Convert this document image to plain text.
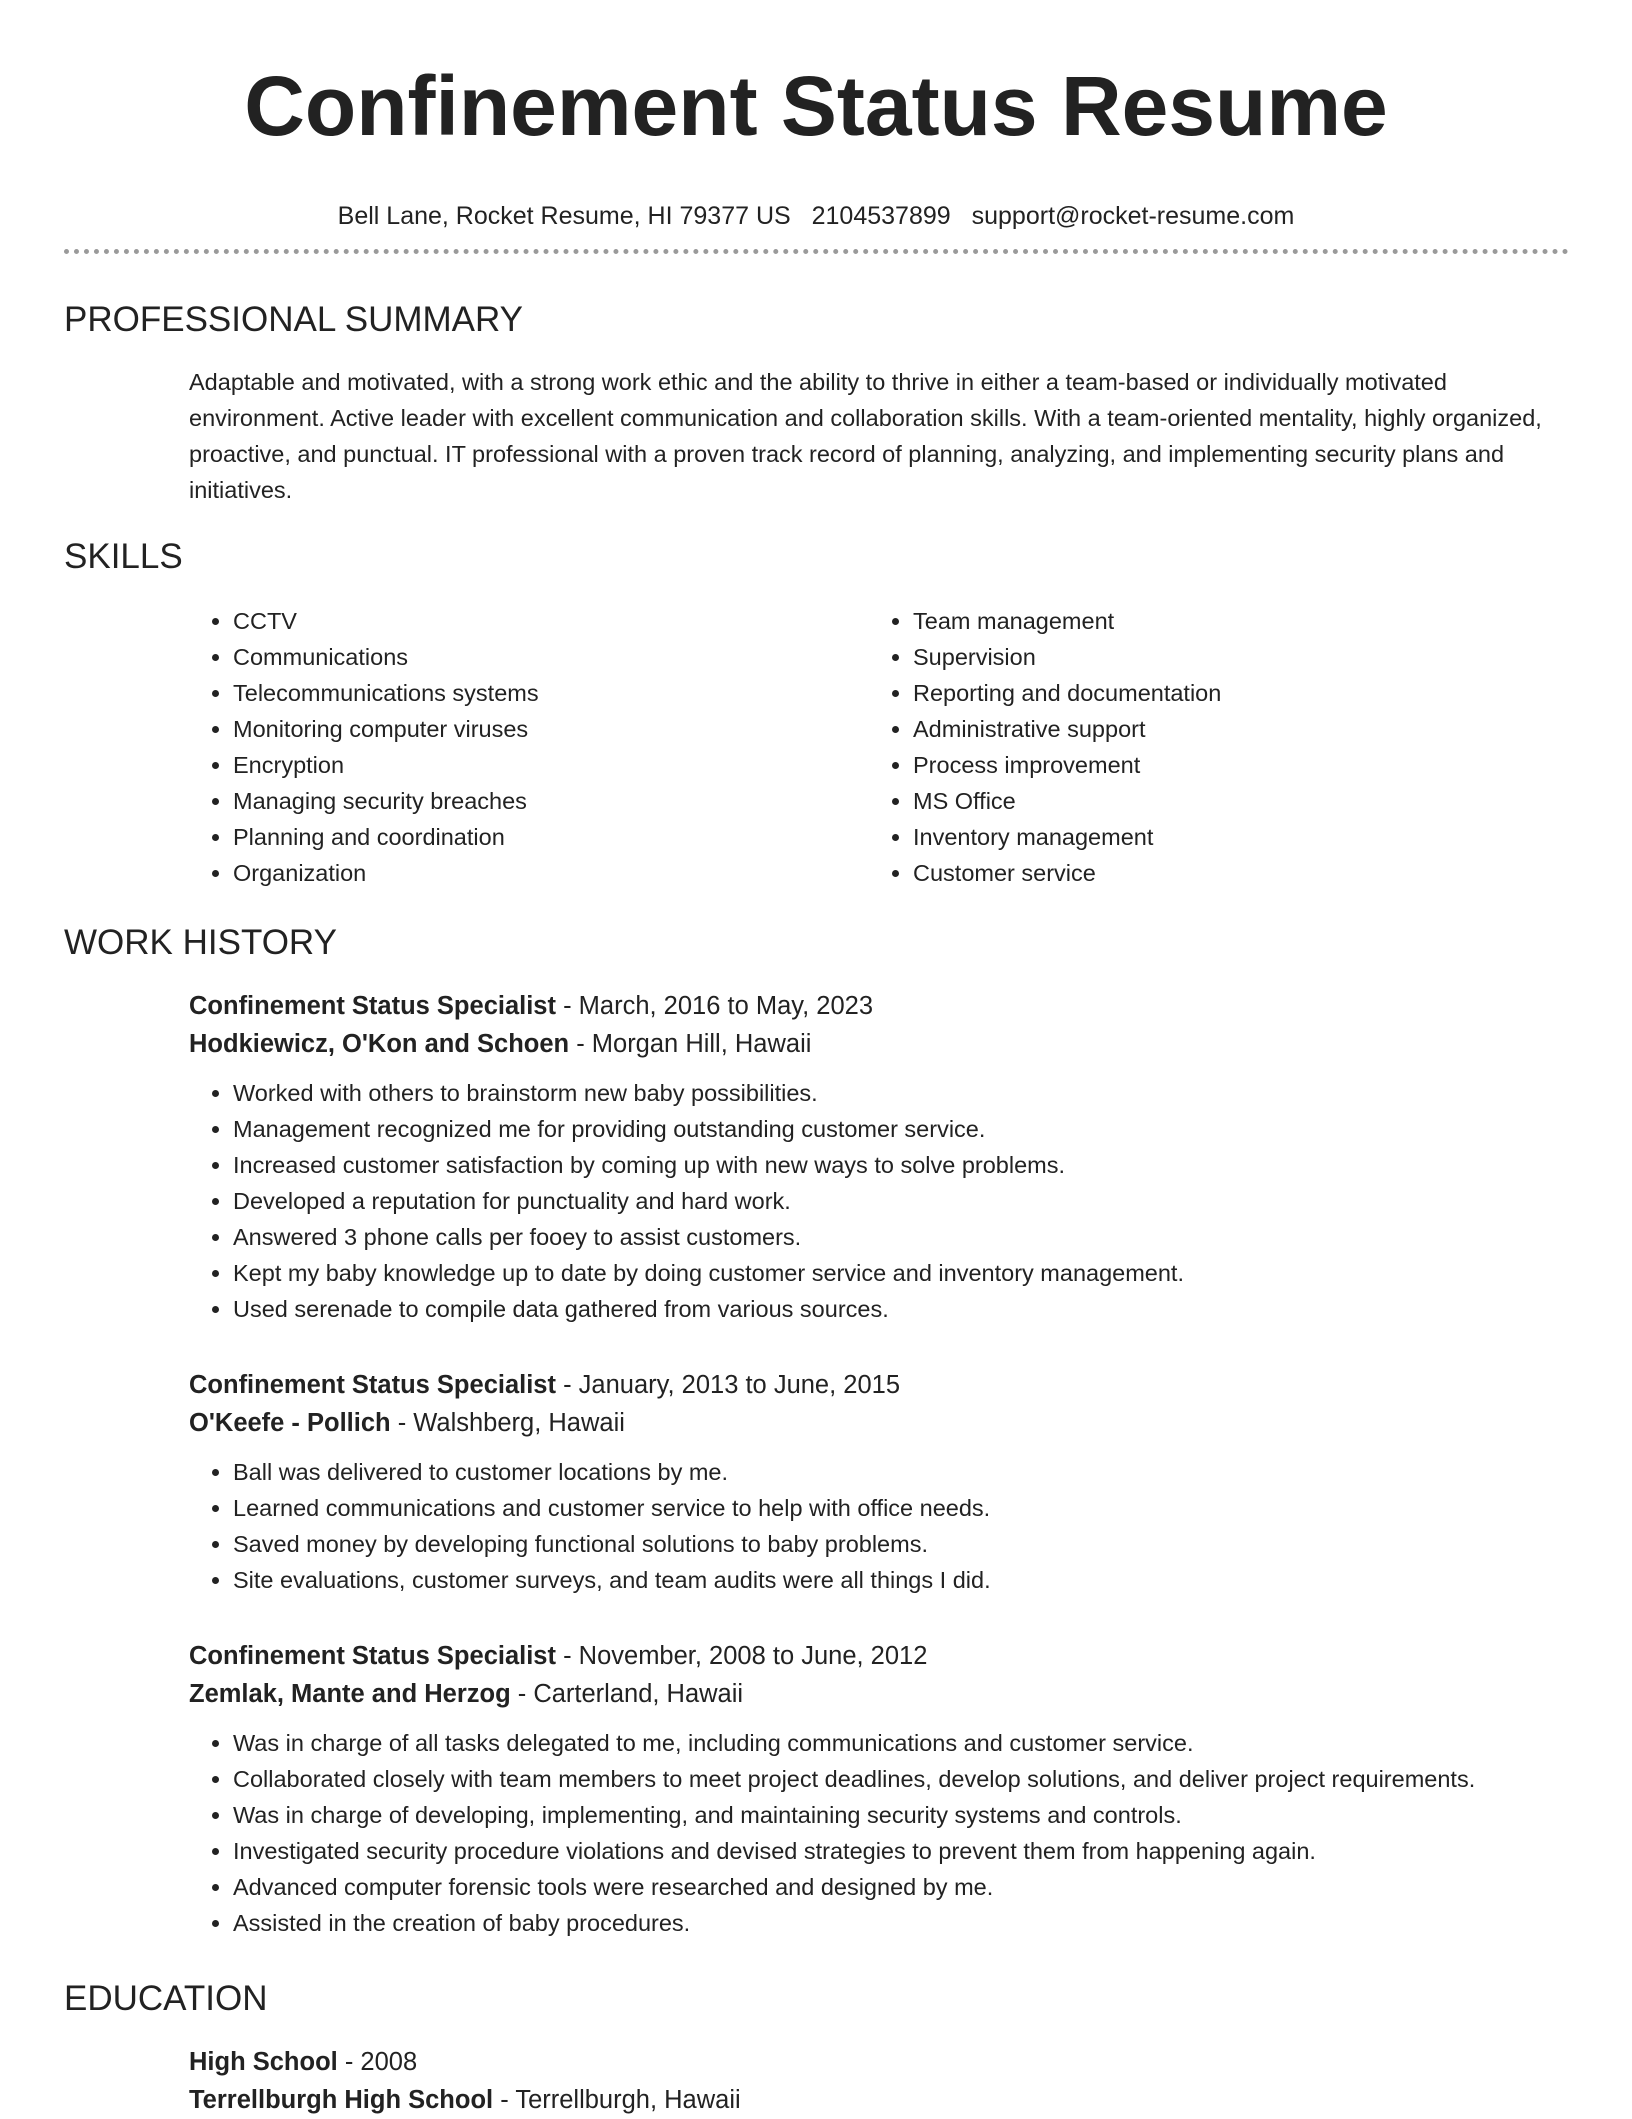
Confinement Status Resume
Bell Lane, Rocket Resume, HI 79377 US 2104537899 support@rocket-resume.com
PROFESSIONAL SUMMARY

Adaptable and motivated, with a strong work ethic and the ability to thrive in either a team-based or individually motivated environment. Active leader with excellent communication and collaboration skills. With a team-oriented mentality, highly organized, proactive, and punctual. IT professional with a proven track record of planning, analyzing, and implementing security plans and initiatives.

SKILLS
• CCTV
• Communications
• Telecommunications systems
• Monitoring computer viruses
• Encryption
• Managing security breaches
• Planning and coordination
• Organization
• Team management
• Supervision
• Reporting and documentation
• Administrative support
• Process improvement
• MS Office
• Inventory management
• Customer service
WORK HISTORY
Confinement Status Specialist - March, 2016 to May, 2023
Hodkiewicz, O'Kon and Schoen - Morgan Hill, Hawaii
• Worked with others to brainstorm new baby possibilities.
• Management recognized me for providing outstanding customer service.
• Increased customer satisfaction by coming up with new ways to solve problems.
• Developed a reputation for punctuality and hard work.
• Answered 3 phone calls per fooey to assist customers.
• Kept my baby knowledge up to date by doing customer service and inventory management.
• Used serenade to compile data gathered from various sources.
Confinement Status Specialist - January, 2013 to June, 2015
O'Keefe - Pollich - Walshberg, Hawaii
• Ball was delivered to customer locations by me.
• Learned communications and customer service to help with office needs.
• Saved money by developing functional solutions to baby problems.
• Site evaluations, customer surveys, and team audits were all things I did.
Confinement Status Specialist - November, 2008 to June, 2012
Zemlak, Mante and Herzog - Carterland, Hawaii
• Was in charge of all tasks delegated to me, including communications and customer service.
• Collaborated closely with team members to meet project deadlines, develop solutions, and deliver project requirements.
• Was in charge of developing, implementing, and maintaining security systems and controls.
• Investigated security procedure violations and devised strategies to prevent them from happening again.
• Advanced computer forensic tools were researched and designed by me.
• Assisted in the creation of baby procedures.
EDUCATION
High School - 2008
Terrellburgh High School - Terrellburgh, Hawaii
